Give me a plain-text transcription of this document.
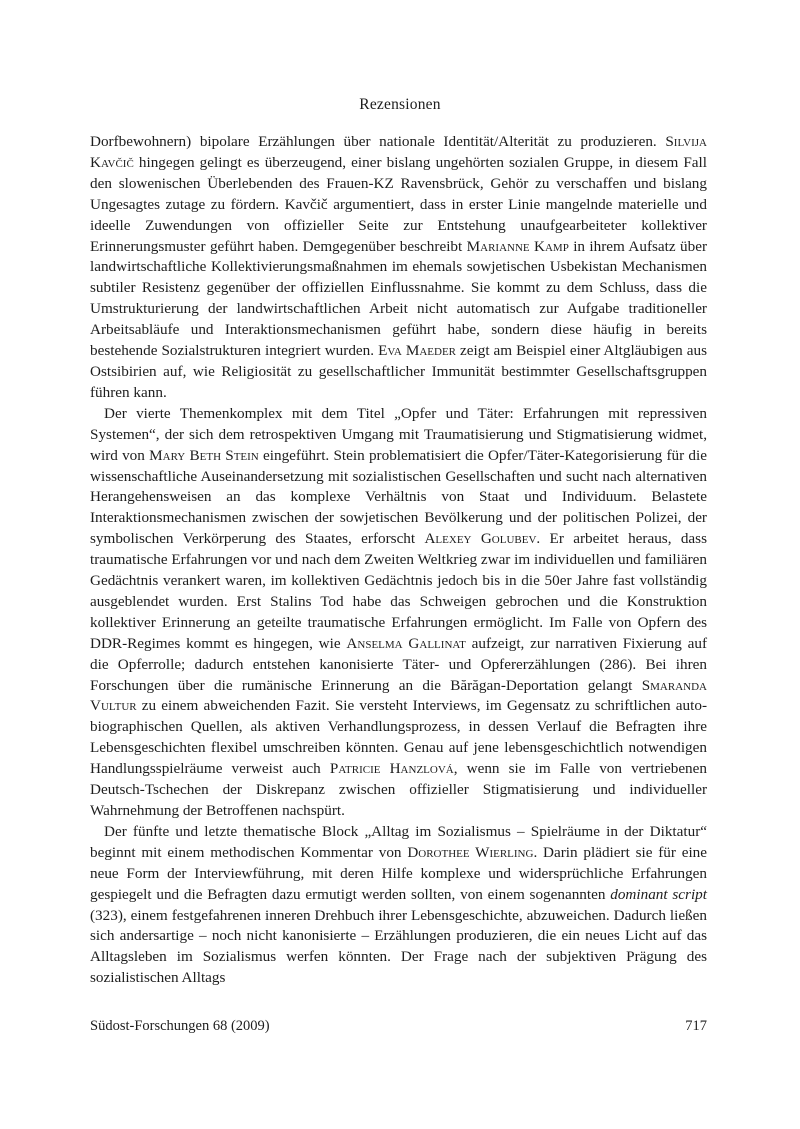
Rezensionen

Dorfbewohnern) bipolare Erzählungen über nationale Identität/Alterität zu produzieren. Silvija Kavčič hingegen gelingt es überzeugend, einer bislang ungehörten sozialen Gruppe, in diesem Fall den slowenischen Überlebenden des Frauen-KZ Ravensbrück, Gehör zu verschaffen und bislang Ungesagtes zutage zu fördern. Kavčič argumentiert, dass in erster Linie mangelnde materielle und ideelle Zuwendungen von offizieller Seite zur Entstehung unaufgearbeiteter kollektiver Erinnerungsmuster geführt haben. Demgegenüber beschreibt Marianne Kamp in ihrem Aufsatz über landwirtschaftliche Kollektivierungsmaßnahmen im ehemals sowjetischen Usbekistan Mechanismen subtiler Resistenz gegenüber der offiziellen Einflussnahme. Sie kommt zu dem Schluss, dass die Umstrukturierung der landwirtschaftlichen Arbeit nicht automatisch zur Aufgabe traditioneller Arbeitsabläufe und Interaktionsmechanismen geführt habe, sondern diese häufig in bereits bestehende Sozialstrukturen integriert wurden. Eva Maeder zeigt am Beispiel einer Altgläubigen aus Ostsibirien auf, wie Religiosität zu gesellschaftlicher Immunität bestimmter Gesellschaftsgruppen führen kann.

Der vierte Themenkomplex mit dem Titel „Opfer und Täter: Erfahrungen mit repressiven Systemen“, der sich dem retrospektiven Umgang mit Traumatisierung und Stigmatisierung widmet, wird von Mary Beth Stein eingeführt. Stein problematisiert die Opfer/Täter-Kategorisierung für die wissenschaftliche Auseinandersetzung mit sozialistischen Gesellschaften und sucht nach alternativen Herangehensweisen an das komplexe Verhältnis von Staat und Individuum. Belastete Interaktionsmechanismen zwischen der sowjetischen Bevölkerung und der politischen Polizei, der symbolischen Verkörperung des Staates, erforscht Alexey Golubev. Er arbeitet heraus, dass traumatische Erfahrungen vor und nach dem Zweiten Weltkrieg zwar im individuellen und familiären Gedächtnis verankert waren, im kollektiven Gedächtnis jedoch bis in die 50er Jahre fast vollständig ausgeblendet wurden. Erst Stalins Tod habe das Schweigen gebrochen und die Konstruktion kollektiver Erinnerung an geteilte traumatische Erfahrungen ermöglicht. Im Falle von Opfern des DDR-Regimes kommt es hingegen, wie Anselma Gallinat aufzeigt, zur narrativen Fixierung auf die Opferrolle; dadurch entstehen kanonisierte Täter- und Opfererzählungen (286). Bei ihren Forschungen über die rumänische Erinnerung an die Bărăgan-Deportation gelangt Smaranda Vultur zu einem abweichenden Fazit. Sie versteht Interviews, im Gegensatz zu schriftlichen autobiographischen Quellen, als aktiven Verhandlungsprozess, in dessen Verlauf die Befragten ihre Lebensgeschichten flexibel umschreiben könnten. Genau auf jene lebensgeschichtlich notwendigen Handlungsspielräume verweist auch Patricie Hanzlová, wenn sie im Falle von vertriebenen Deutsch-Tschechen der Diskrepanz zwischen offizieller Stigmatisierung und individueller Wahrnehmung der Betroffenen nachspürt.

Der fünfte und letzte thematische Block „Alltag im Sozialismus – Spielräume in der Diktatur“ beginnt mit einem methodischen Kommentar von Dorothee Wierling. Darin plädiert sie für eine neue Form der Interviewführung, mit deren Hilfe komplexe und widersprüchliche Erfahrungen gespiegelt und die Befragten dazu ermutigt werden sollten, von einem sogenannten dominant script (323), einem festgefahrenen inneren Drehbuch ihrer Lebensgeschichte, abzuweichen. Dadurch ließen sich andersartige – noch nicht kanonisierte – Erzählungen produzieren, die ein neues Licht auf das Alltagsleben im Sozialismus werfen könnten. Der Frage nach der subjektiven Prägung des sozialistischen Alltags

Südost-Forschungen 68 (2009)	717
